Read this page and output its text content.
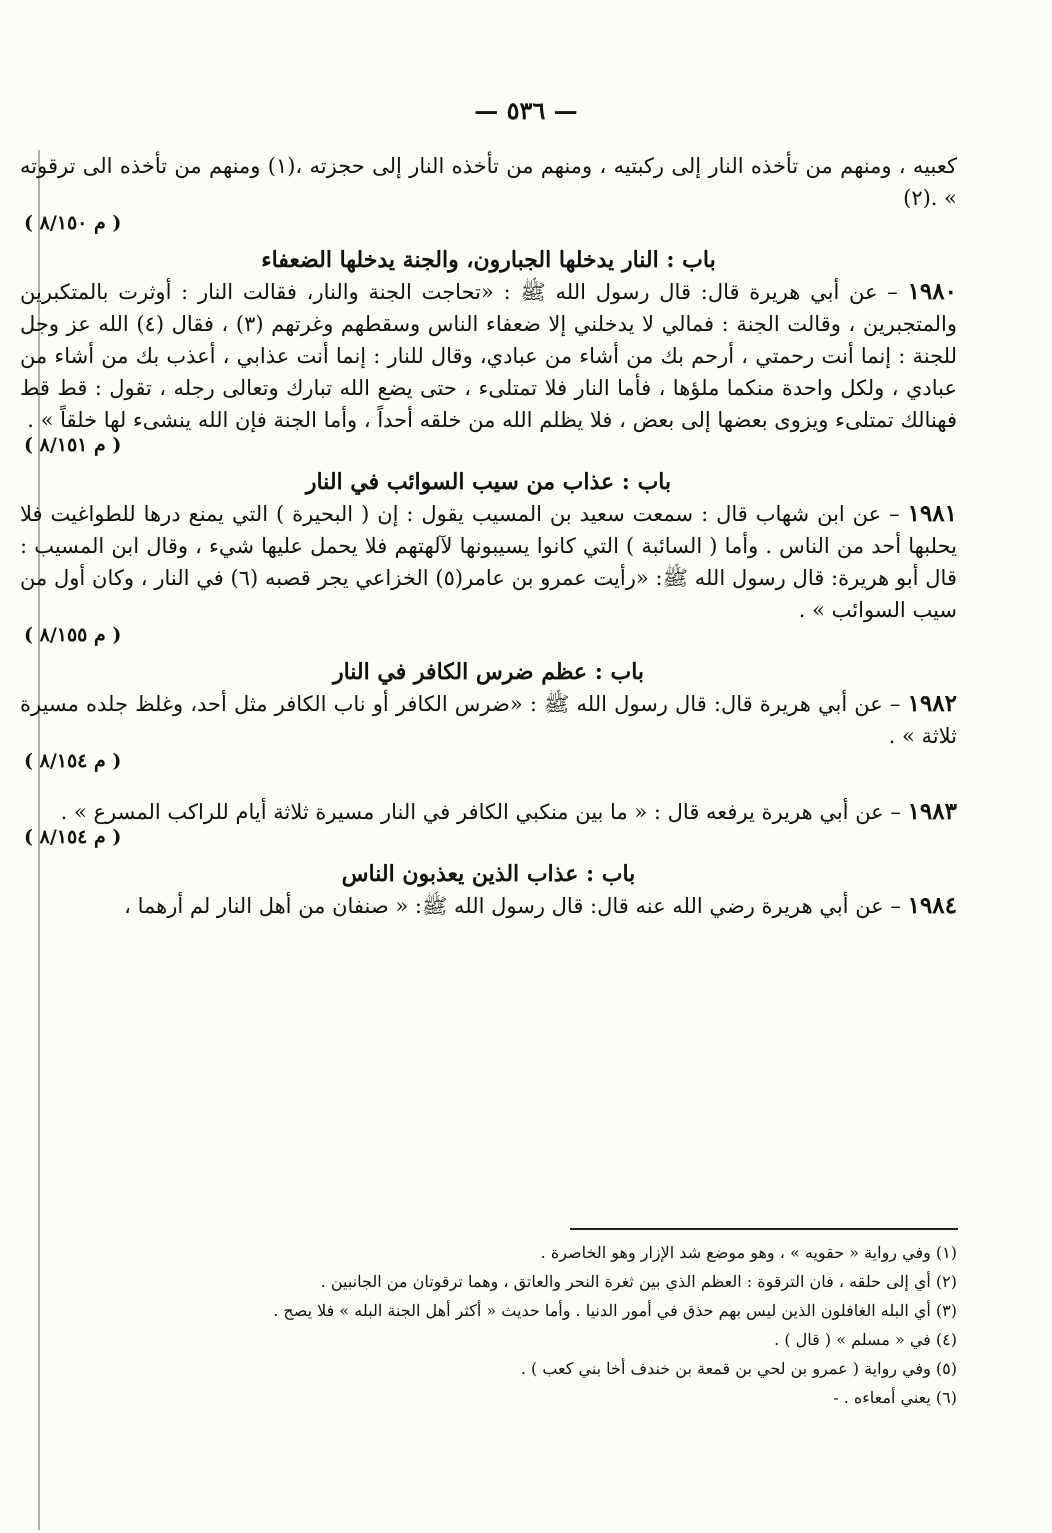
— ٥٣٦ —
كعبيه ، ومنهم من تأخذه النار إلى ركبتيه ، ومنهم من تأخذه النار إلى حجزته ،(١) ومنهم من تأخذه الى ترقوته » .(٢)
( م ٨/١٥٠ )
باب : النار يدخلها الجبارون، والجنة يدخلها الضعفاء
١٩٨٠ – عن أبي هريرة قال: قال رسول الله ﷺ : «تحاجت الجنة والنار، فقالت النار : أوثرت بالمتكبرين والمتجبرين ، وقالت الجنة : فمالي لا يدخلني إلا ضعفاء الناس وسقطهم وغرتهم (٣) ، فقال (٤) الله عز وجل للجنة : إنما أنت رحمتي ، أرحم بك من أشاء من عبادي، وقال للنار : إنما أنت عذابي ، أعذب بك من أشاء من عبادي ، ولكل واحدة منكما ملؤها ، فأما النار فلا تمتلىء ، حتى يضع الله تبارك وتعالى رجله ، تقول : قط قط فهنالك تمتلىء ويزوى بعضها إلى بعض ، فلا يظلم الله من خلقه أحداً ، وأما الجنة فإن الله ينشىء لها خلقاً » .
( م ٨/١٥١ )
باب : عذاب من سيب السوائب في النار
١٩٨١ – عن ابن شهاب قال : سمعت سعيد بن المسيب يقول : إن ( البحيرة ) التي يمنع درها للطواغيت فلا يحلبها أحد من الناس . وأما ( السائبة ) التي كانوا يسيبونها لآلهتهم فلا يحمل عليها شيء ، وقال ابن المسيب : قال أبو هريرة: قال رسول الله ﷺ: «رأيت عمرو بن عامر(٥) الخزاعي يجر قصبه (٦) في النار ، وكان أول من سيب السوائب » .
( م ٨/١٥٥ )
باب : عظم ضرس الكافر في النار
١٩٨٢ – عن أبي هريرة قال: قال رسول الله ﷺ : «ضرس الكافر أو ناب الكافر مثل أحد، وغلظ جلده مسيرة ثلاثة » .
( م ٨/١٥٤ )
١٩٨٣ – عن أبي هريرة يرفعه قال : « ما بين منكبي الكافر في النار مسيرة ثلاثة أيام للراكب المسرع » .
( م ٨/١٥٤ )
باب : عذاب الذين يعذبون الناس
١٩٨٤ – عن أبي هريرة رضي الله عنه قال: قال رسول الله ﷺ: « صنفان من أهل النار لم أرهما ،
(١) وفي رواية « حقويه » ، وهو موضع شد الإزار وهو الخاصرة .
(٢) أي إلى حلقه ، فان الترقوة : العظم الذي بين ثغرة النحر والعاتق ، وهما ترقوتان من الجانبين .
(٣) أي البله الغافلون الذين ليس بهم حذق في أمور الدنيا . وأما حديث « أكثر أهل الجنة البله » فلا يصح .
(٤) في « مسلم » ( قال ) .
(٥) وفي رواية ( عمرو بن لحي بن قمعة بن خندف أخا بني كعب ) .
(٦) يعني أمعاءه . -
